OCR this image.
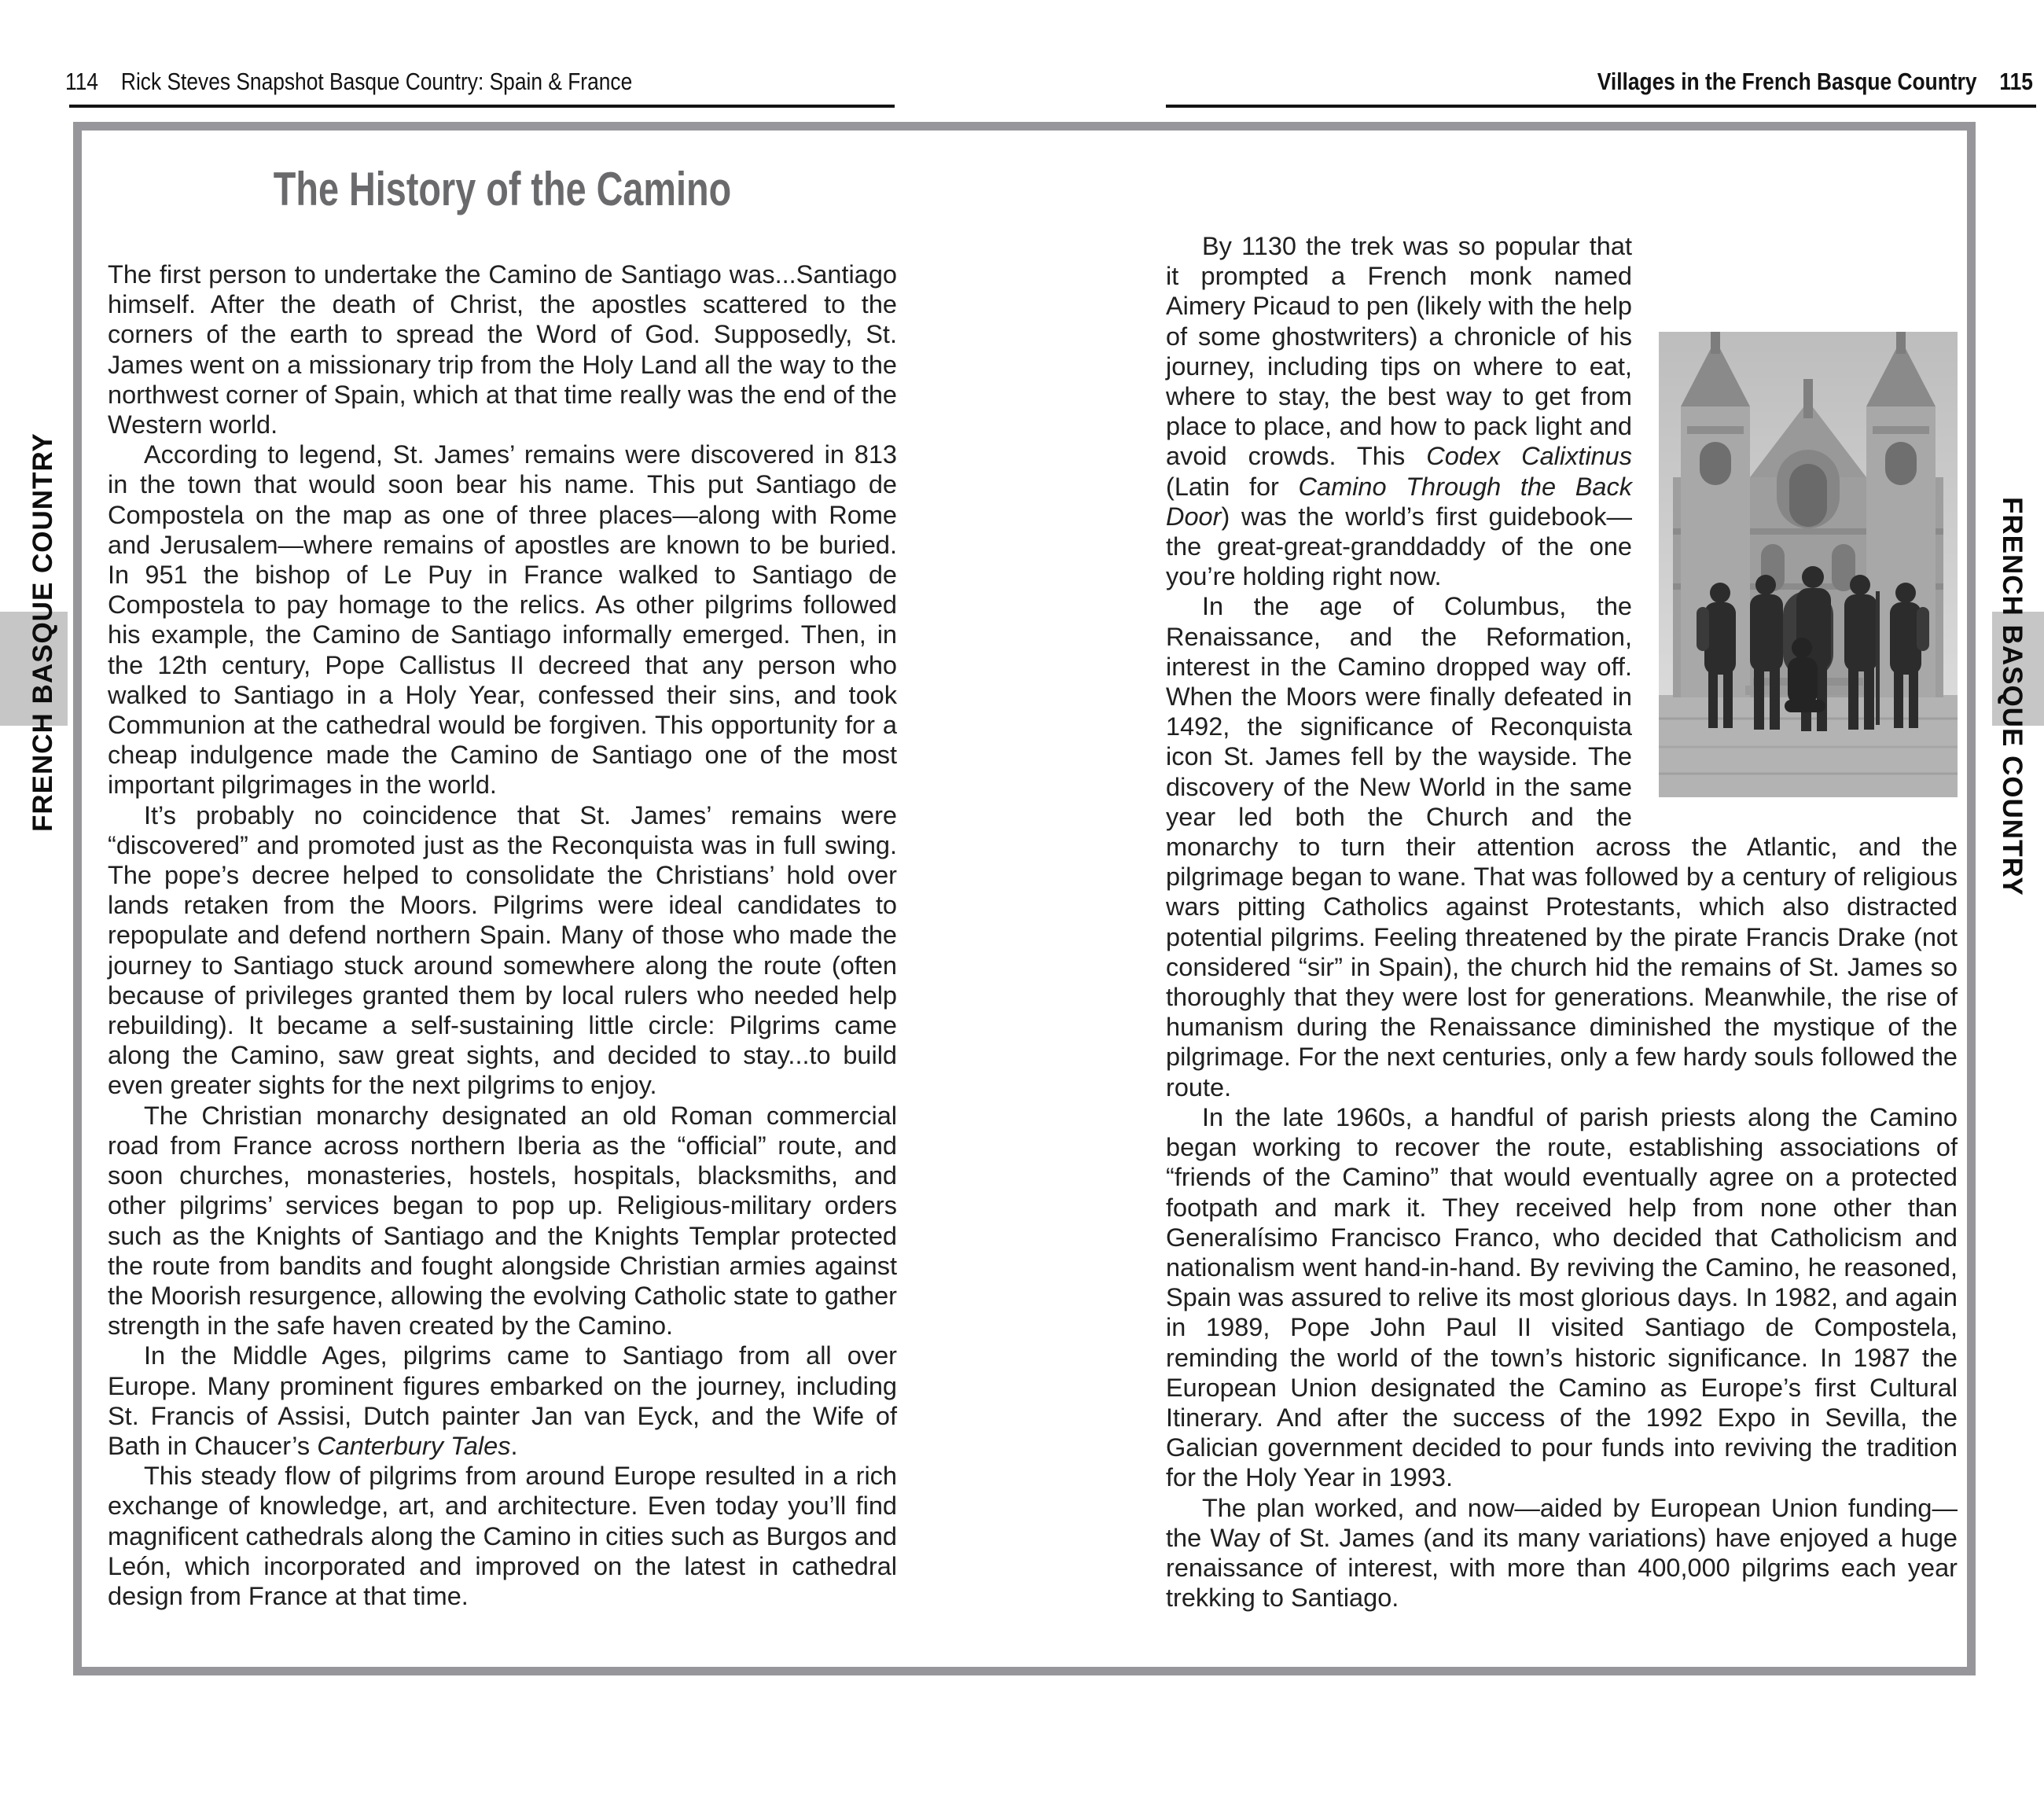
114 Rick Steves Snapshot Basque Country: Spain & France	Villages in the French Basque Country 115
FRENCH BASQUE COUNTRY	FRENCH BASQUE COUNTRY
The History of the Camino

The first person to undertake the Camino de Santiago was...Santiago himself. After the death of Christ, the apostles scattered to the corners of the earth to spread the Word of God. Supposedly, St. James went on a missionary trip from the Holy Land all the way to the northwest corner of Spain, which at that time really was the end of the Western world.

According to legend, St. James’ remains were discovered in 813 in the town that would soon bear his name. This put Santiago de Compostela on the map as one of three places—along with Rome and Jerusalem—where remains of apostles are known to be buried. In 951 the bishop of Le Puy in France walked to Santiago de Compostela to pay homage to the relics. As other pilgrims followed his example, the Camino de Santiago informally emerged. Then, in the 12th century, Pope Callistus II decreed that any person who walked to Santiago in a Holy Year, confessed their sins, and took Communion at the cathedral would be forgiven. This opportunity for a cheap indulgence made the Camino de Santiago one of the most important pilgrimages in the world.

It’s probably no coincidence that St. James’ remains were “discovered” and promoted just as the Reconquista was in full swing. The pope’s decree helped to consolidate the Christians’ hold over lands retaken from the Moors. Pilgrims were ideal candidates to repopulate and defend northern Spain. Many of those who made the journey to Santiago stuck around somewhere along the route (often because of privileges granted them by local rulers who needed help rebuilding). It became a self-sustaining little circle: Pilgrims came along the Camino, saw great sights, and decided to stay...to build even greater sights for the next pilgrims to enjoy.

The Christian monarchy designated an old Roman commercial road from France across northern Iberia as the “official” route, and soon churches, monasteries, hostels, hospitals, blacksmiths, and other pilgrims’ services began to pop up. Religious-military orders such as the Knights of Santiago and the Knights Templar protected the route from bandits and fought alongside Christian armies against the Moorish resurgence, allowing the evolving Catholic state to gather strength in the safe haven created by the Camino.

In the Middle Ages, pilgrims came to Santiago from all over Europe. Many prominent figures embarked on the journey, including St. Francis of Assisi, Dutch painter Jan van Eyck, and the Wife of Bath in Chaucer’s Canterbury Tales.

This steady flow of pilgrims from around Europe resulted in a rich exchange of knowledge, art, and architecture. Even today you’ll find magnificent cathedrals along the Camino in cities such as Burgos and León, which incorporated and improved on the latest in cathedral design from France at that time.

By 1130 the trek was so popular that it prompted a French monk named Aimery Picaud to pen (likely with the help of some ghostwriters) a chronicle of his journey, including tips on where to eat, where to stay, the best way to get from place to place, and how to pack light and avoid crowds. This Codex Calixtinus (Latin for Camino Through the Back Door) was the world’s first guidebook—the great-great-granddaddy of the one you’re holding right now.

In the age of Columbus, the Renaissance, and the Reformation, interest in the Camino dropped way off. When the Moors were finally defeated in 1492, the significance of Reconquista icon St. James fell by the wayside. The discovery of the New World in the same year led both the Church and the monarchy to turn their attention across the Atlantic, and the pilgrimage began to wane. That was followed by a century of religious wars pitting Catholics against Protestants, which also distracted potential pilgrims. Feeling threatened by the pirate Francis Drake (not considered “sir” in Spain), the church hid the remains of St. James so thoroughly that they were lost for generations. Meanwhile, the rise of humanism during the Renaissance diminished the mystique of the pilgrimage. For the next centuries, only a few hardy souls followed the route.

In the late 1960s, a handful of parish priests along the Camino began working to recover the route, establishing associations of “friends of the Camino” that would eventually agree on a protected footpath and mark it. They received help from none other than Generalísimo Francisco Franco, who decided that Catholicism and nationalism went hand-in-hand. By reviving the Camino, he reasoned, Spain was assured to relive its most glorious days. In 1982, and again in 1989, Pope John Paul II visited Santiago de Compostela, reminding the world of the town’s historic significance. In 1987 the European Union designated the Camino as Europe’s first Cultural Itinerary. And after the success of the 1992 Expo in Sevilla, the Galician government decided to pour funds into reviving the tradition for the Holy Year in 1993.

The plan worked, and now—aided by European Union funding—the Way of St. James (and its many variations) have enjoyed a huge renaissance of interest, with more than 400,000 pilgrims each year trekking to Santiago.
